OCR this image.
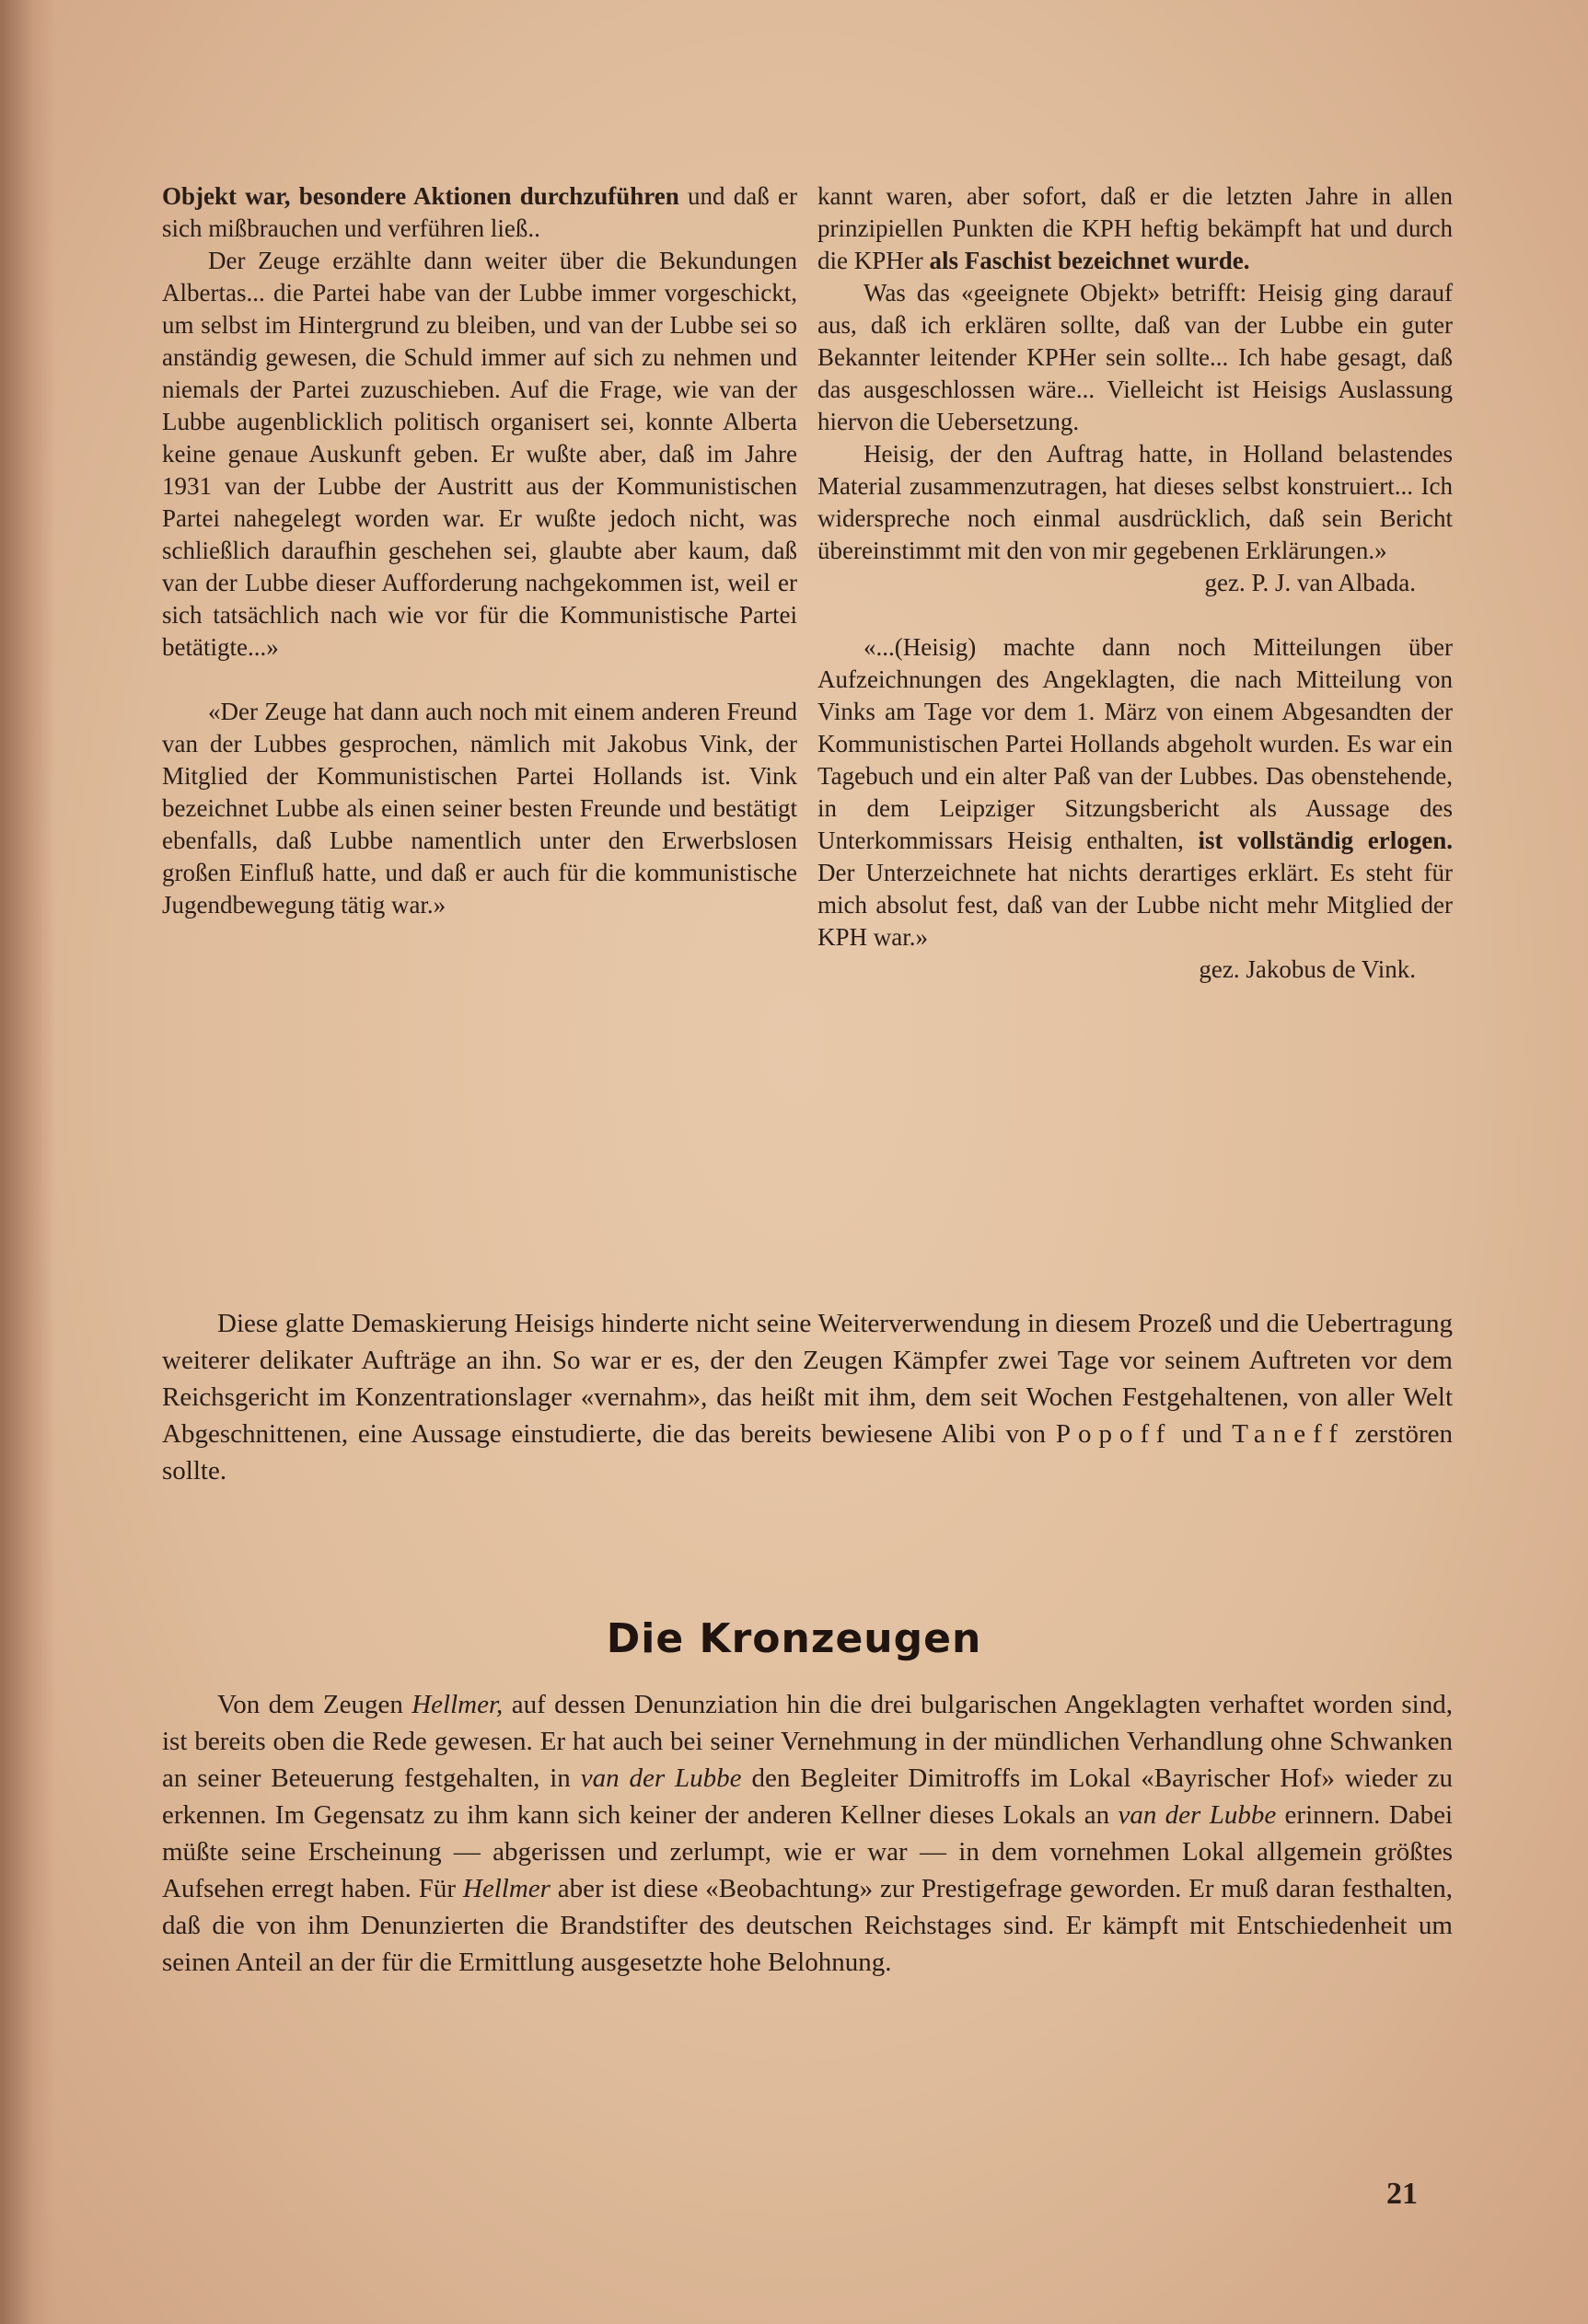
Objekt war, besondere Aktionen durchzuführen und daß er sich mißbrauchen und verführen ließ..

Der Zeuge erzählte dann weiter über die Bekundungen Albertas... die Partei habe van der Lubbe immer vorgeschickt, um selbst im Hintergrund zu bleiben, und van der Lubbe sei so anständig gewesen, die Schuld immer auf sich zu nehmen und niemals der Partei zuzuschieben. Auf die Frage, wie van der Lubbe augenblicklich politisch organisert sei, konnte Alberta keine genaue Auskunft geben. Er wußte aber, daß im Jahre 1931 van der Lubbe der Austritt aus der Kommunistischen Partei nahegelegt worden war. Er wußte jedoch nicht, was schließlich daraufhin geschehen sei, glaubte aber kaum, daß van der Lubbe dieser Aufforderung nachgekommen ist, weil er sich tatsächlich nach wie vor für die Kommunistische Partei betätigte...»

«Der Zeuge hat dann auch noch mit einem anderen Freund van der Lubbes gesprochen, nämlich mit Jakobus Vink, der Mitglied der Kommunistischen Partei Hollands ist. Vink bezeichnet Lubbe als einen seiner besten Freunde und bestätigt ebenfalls, daß Lubbe namentlich unter den Erwerbslosen großen Einfluß hatte, und daß er auch für die kommunistische Jugendbewegung tätig war.»

kannt waren, aber sofort, daß er die letzten Jahre in allen prinzipiellen Punkten die KPH heftig bekämpft hat und durch die KPHer als Faschist bezeichnet wurde.

Was das «geeignete Objekt» betrifft: Heisig ging darauf aus, daß ich erklären sollte, daß van der Lubbe ein guter Bekannter leitender KPHer sein sollte... Ich habe gesagt, daß das ausgeschlossen wäre... Vielleicht ist Heisigs Auslassung hiervon die Uebersetzung.

Heisig, der den Auftrag hatte, in Holland belastendes Material zusammenzutragen, hat dieses selbst konstruiert... Ich widerspreche noch einmal ausdrücklich, daß sein Bericht übereinstimmt mit den von mir gegebenen Erklärungen.»

gez. P. J. van Albada.

«...(Heisig) machte dann noch Mitteilungen über Aufzeichnungen des Angeklagten, die nach Mitteilung von Vinks am Tage vor dem 1. März von einem Abgesandten der Kommunistischen Partei Hollands abgeholt wurden. Es war ein Tagebuch und ein alter Paß van der Lubbes. Das obenstehende, in dem Leipziger Sitzungsbericht als Aussage des Unterkommissars Heisig enthalten, ist vollständig erlogen. Der Unterzeichnete hat nichts derartiges erklärt. Es steht für mich absolut fest, daß van der Lubbe nicht mehr Mitglied der KPH war.»

gez. Jakobus de Vink.

Diese glatte Demaskierung Heisigs hinderte nicht seine Weiterverwendung in diesem Prozeß und die Uebertragung weiterer delikater Aufträge an ihn. So war er es, der den Zeugen Kämpfer zwei Tage vor seinem Auftreten vor dem Reichsgericht im Konzentrationslager «vernahm», das heißt mit ihm, dem seit Wochen Festgehaltenen, von aller Welt Abgeschnittenen, eine Aussage einstudierte, die das bereits bewiesene Alibi von Popoff und Taneff zerstören sollte.

Die Kronzeugen

Von dem Zeugen Hellmer, auf dessen Denunziation hin die drei bulgarischen Angeklagten verhaftet worden sind, ist bereits oben die Rede gewesen. Er hat auch bei seiner Vernehmung in der mündlichen Verhandlung ohne Schwanken an seiner Beteuerung festgehalten, in van der Lubbe den Begleiter Dimitroffs im Lokal «Bayrischer Hof» wieder zu erkennen. Im Gegensatz zu ihm kann sich keiner der anderen Kellner dieses Lokals an van der Lubbe erinnern. Dabei müßte seine Erscheinung — abgerissen und zerlumpt, wie er war — in dem vornehmen Lokal allgemein größtes Aufsehen erregt haben. Für Hellmer aber ist diese «Beobachtung» zur Prestigefrage geworden. Er muß daran festhalten, daß die von ihm Denunzierten die Brandstifter des deutschen Reichstages sind. Er kämpft mit Entschiedenheit um seinen Anteil an der für die Ermittlung ausgesetzte hohe Belohnung.

21
